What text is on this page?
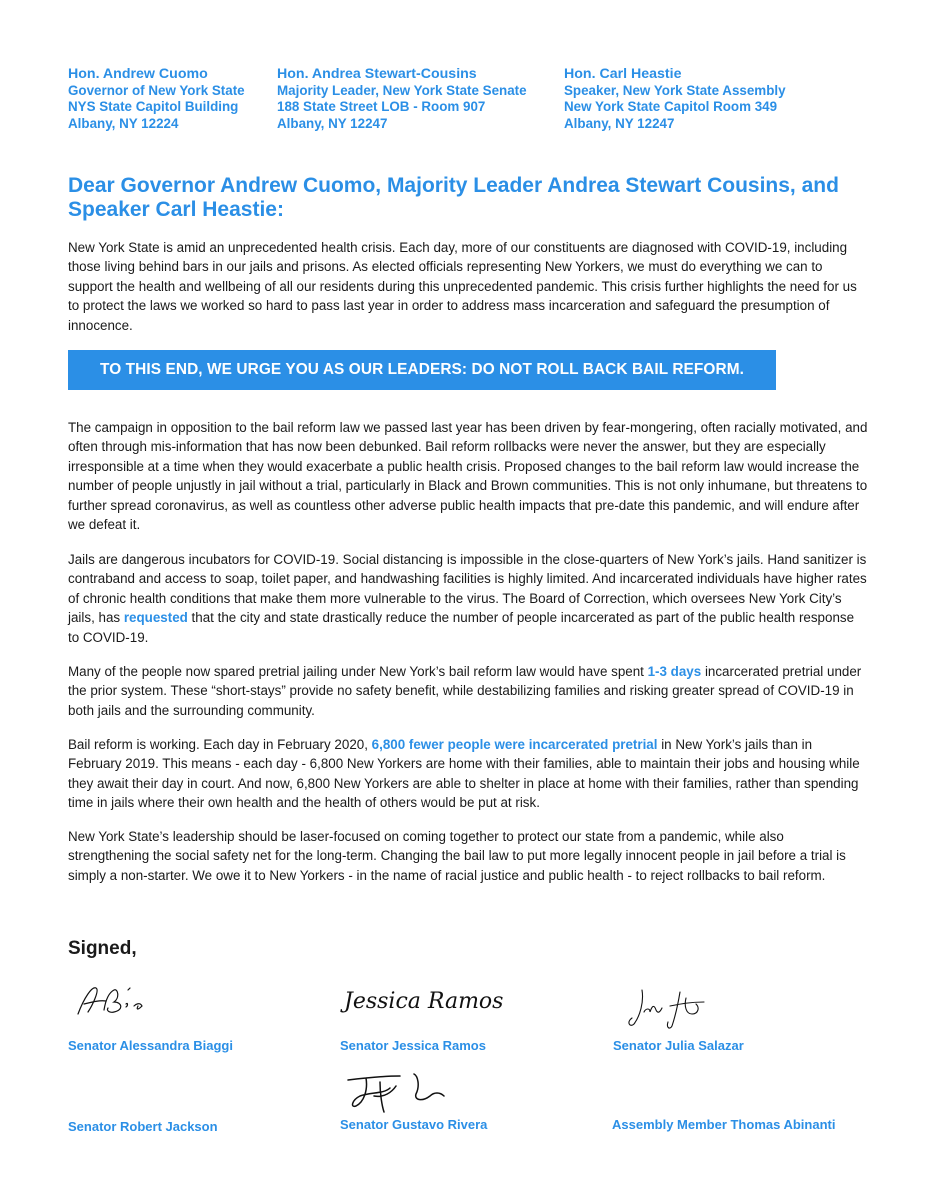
Hon. Andrew Cuomo
Governor of New York State
NYS State Capitol Building
Albany, NY 12224
Hon. Andrea Stewart-Cousins
Majority Leader, New York State Senate
188 State Street LOB - Room 907
Albany, NY 12247
Hon. Carl Heastie
Speaker, New York State Assembly
New York State Capitol Room 349
Albany, NY 12247
Dear Governor Andrew Cuomo, Majority Leader Andrea Stewart Cousins, and Speaker Carl Heastie:
New York State is amid an unprecedented health crisis. Each day, more of our constituents are diagnosed with COVID-19, including those living behind bars in our jails and prisons. As elected officials representing New Yorkers, we must do everything we can to support the health and wellbeing of all our residents during this unprecedented pandemic. This crisis further highlights the need for us to protect the laws we worked so hard to pass last year in order to address mass incarceration and safeguard the presumption of innocence.
TO THIS END, WE URGE YOU AS OUR LEADERS: DO NOT ROLL BACK BAIL REFORM.
The campaign in opposition to the bail reform law we passed last year has been driven by fear-mongering, often racially motivated, and often through mis-information that has now been debunked. Bail reform rollbacks were never the answer, but they are especially irresponsible at a time when they would exacerbate a public health crisis. Proposed changes to the bail reform law would increase the number of people unjustly in jail without a trial, particularly in Black and Brown communities. This is not only inhumane, but threatens to further spread coronavirus, as well as countless other adverse public health impacts that pre-date this pandemic, and will endure after we defeat it.
Jails are dangerous incubators for COVID-19. Social distancing is impossible in the close-quarters of New York’s jails. Hand sanitizer is contraband and access to soap, toilet paper, and handwashing facilities is highly limited. And incarcerated individuals have higher rates of chronic health conditions that make them more vulnerable to the virus. The Board of Correction, which oversees New York City’s jails, has requested that the city and state drastically reduce the number of people incarcerated as part of the public health response to COVID-19.
Many of the people now spared pretrial jailing under New York’s bail reform law would have spent 1-3 days incarcerated pretrial under the prior system. These “short-stays” provide no safety benefit, while destabilizing families and risking greater spread of COVID-19 in both jails and the surrounding community.
Bail reform is working. Each day in February 2020, 6,800 fewer people were incarcerated pretrial in New York’s jails than in February 2019. This means - each day - 6,800 New Yorkers are home with their families, able to maintain their jobs and housing while they await their day in court. And now, 6,800 New Yorkers are able to shelter in place at home with their families, rather than spending time in jails where their own health and the health of others would be put at risk.
New York State’s leadership should be laser-focused on coming together to protect our state from a pandemic, while also strengthening the social safety net for the long-term. Changing the bail law to put more legally innocent people in jail before a trial is simply a non-starter. We owe it to New Yorkers - in the name of racial justice and public health - to reject rollbacks to bail reform.
Signed,
Jessica Ramos
Senator Alessandra Biaggi	Senator Jessica Ramos	Senator Julia Salazar
Senator Robert Jackson	Senator Gustavo Rivera	Assembly Member Thomas Abinanti
